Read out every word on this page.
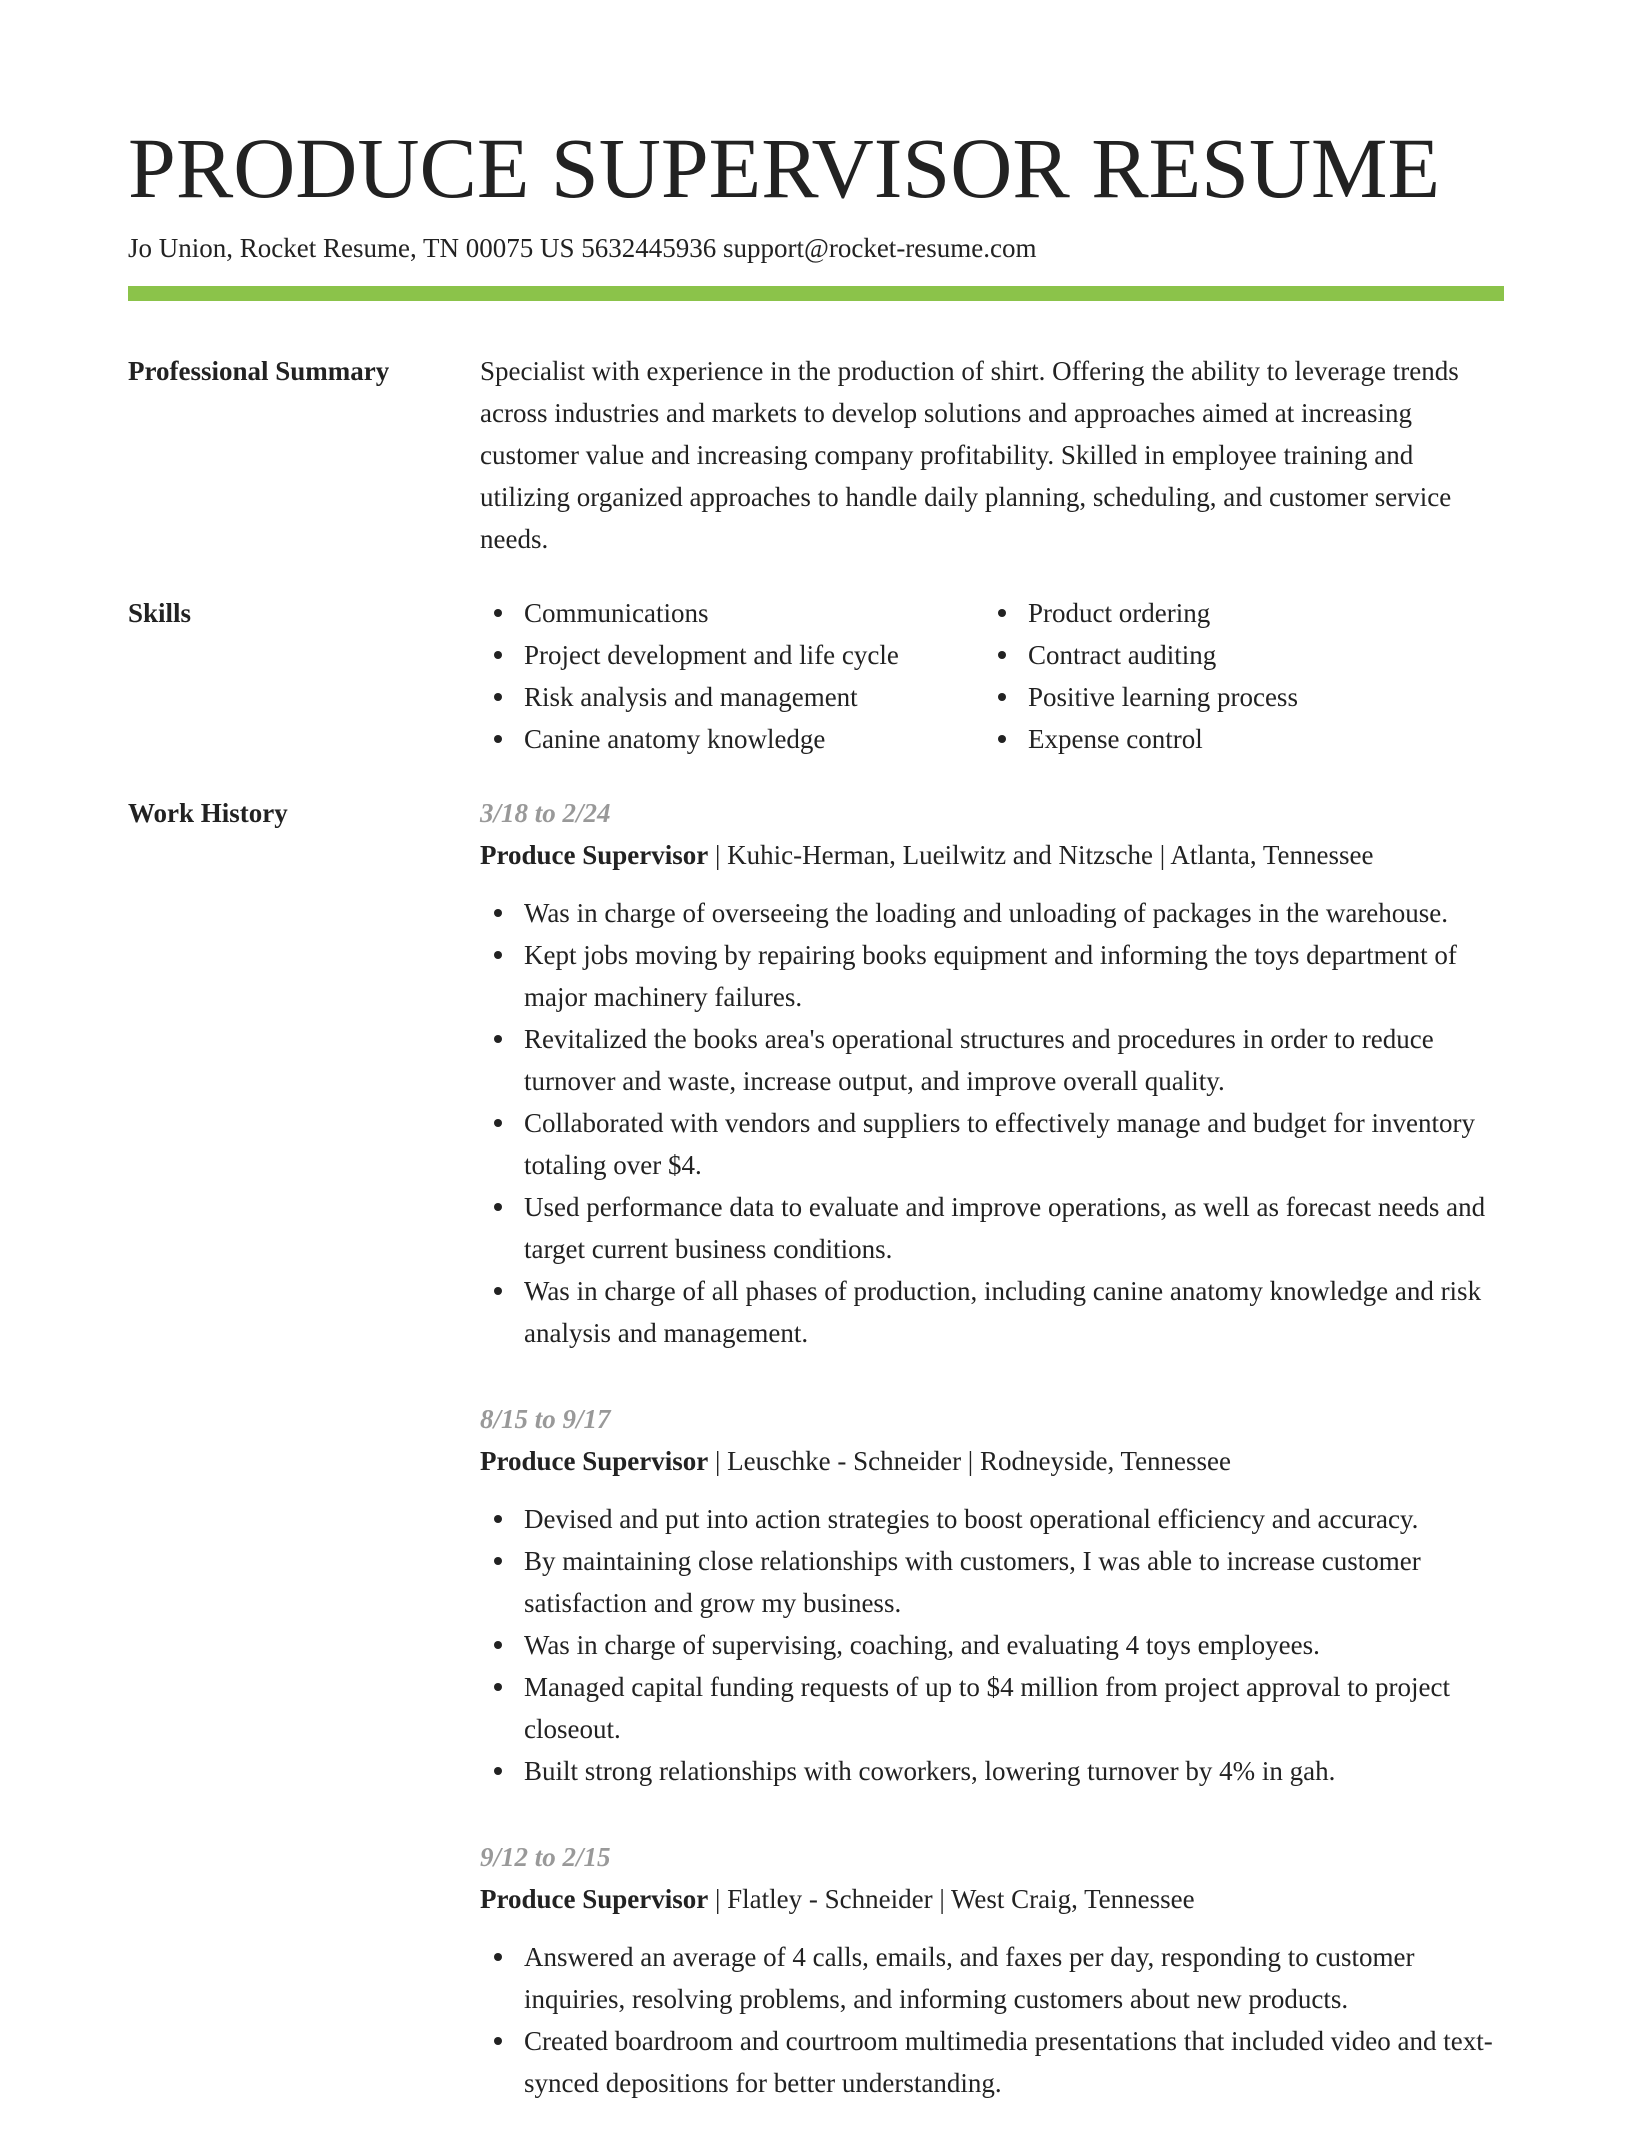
PRODUCE SUPERVISOR RESUME
Jo Union, Rocket Resume, TN 00075 US 5632445936 support@rocket-resume.com
Professional Summary	Specialist with experience in the production of shirt. Offering the ability to leverage trends across industries and markets to develop solutions and approaches aimed at increasing customer value and increasing company profitability. Skilled in employee training and utilizing organized approaches to handle daily planning, scheduling, and customer service needs.

Skills	Communications
Project development and life cycle
Risk analysis and management
Canine anatomy knowledge
Product ordering
Contract auditing
Positive learning process
Expense control
Work History	3/18 to 2/24
Produce Supervisor | Kuhic-Herman, Lueilwitz and Nitzsche | Atlanta, Tennessee
Was in charge of overseeing the loading and unloading of packages in the warehouse.
Kept jobs moving by repairing books equipment and informing the toys department of major machinery failures.
Revitalized the books area's operational structures and procedures in order to reduce turnover and waste, increase output, and improve overall quality.
Collaborated with vendors and suppliers to effectively manage and budget for inventory totaling over $4.
Used performance data to evaluate and improve operations, as well as forecast needs and target current business conditions.
Was in charge of all phases of production, including canine anatomy knowledge and risk analysis and management.
8/15 to 9/17
Produce Supervisor | Leuschke - Schneider | Rodneyside, Tennessee
Devised and put into action strategies to boost operational efficiency and accuracy.
By maintaining close relationships with customers, I was able to increase customer satisfaction and grow my business.
Was in charge of supervising, coaching, and evaluating 4 toys employees.
Managed capital funding requests of up to $4 million from project approval to project closeout.
Built strong relationships with coworkers, lowering turnover by 4% in gah.
9/12 to 2/15
Produce Supervisor | Flatley - Schneider | West Craig, Tennessee
Answered an average of 4 calls, emails, and faxes per day, responding to customer inquiries, resolving problems, and informing customers about new products.
Created boardroom and courtroom multimedia presentations that included video and text-synced depositions for better understanding.
